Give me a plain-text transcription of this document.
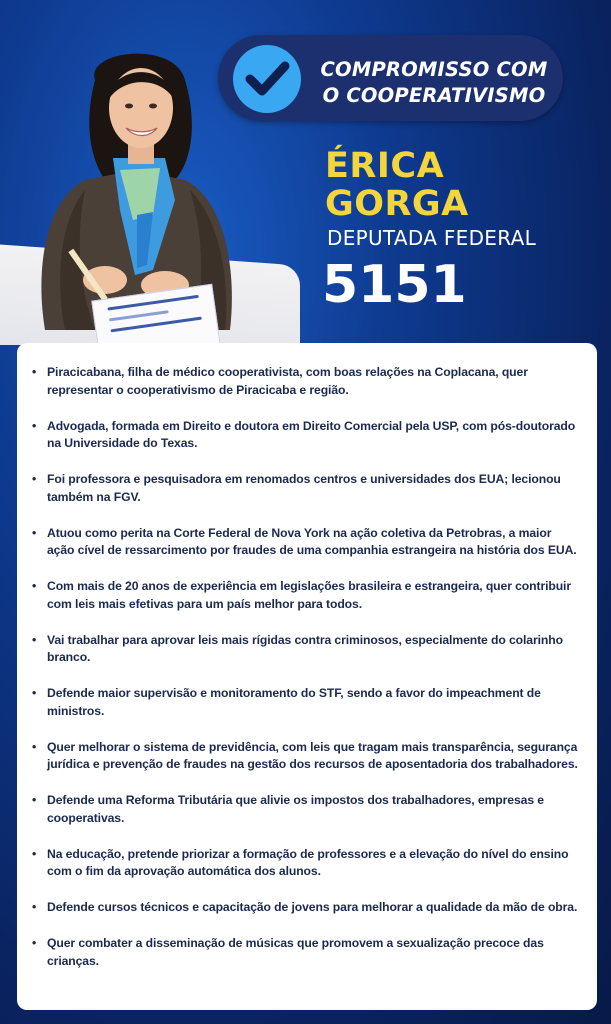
COMPROMISSO COM
O COOPERATIVISMO
ÉRICA
GORGA
DEPUTADA FEDERAL
5151
• Piracicabana, filha de médico cooperativista, com boas relações na Coplacana, quer representar o cooperativismo de Piracicaba e região.
• Advogada, formada em Direito e doutora em Direito Comercial pela USP, com pós-doutorado na Universidade do Texas.
• Foi professora e pesquisadora em renomados centros e universidades dos EUA; lecionou também na FGV.
• Atuou como perita na Corte Federal de Nova York na ação coletiva da Petrobras, a maior ação cível de ressarcimento por fraudes de uma companhia estrangeira na história dos EUA.
• Com mais de 20 anos de experiência em legislações brasileira e estrangeira, quer contribuir com leis mais efetivas para um país melhor para todos.
• Vai trabalhar para aprovar leis mais rígidas contra criminosos, especialmente do colarinho branco.
• Defende maior supervisão e monitoramento do STF, sendo a favor do impeachment de ministros.
• Quer melhorar o sistema de previdência, com leis que tragam mais transparência, segurança jurídica e prevenção de fraudes na gestão dos recursos de aposentadoria dos trabalhadores.
• Defende uma Reforma Tributária que alivie os impostos dos trabalhadores, empresas e cooperativas.
• Na educação, pretende priorizar a formação de professores e a elevação do nível do ensino com o fim da aprovação automática dos alunos.
• Defende cursos técnicos e capacitação de jovens para melhorar a qualidade da mão de obra.
• Quer combater a disseminação de músicas que promovem a sexualização precoce das crianças.
